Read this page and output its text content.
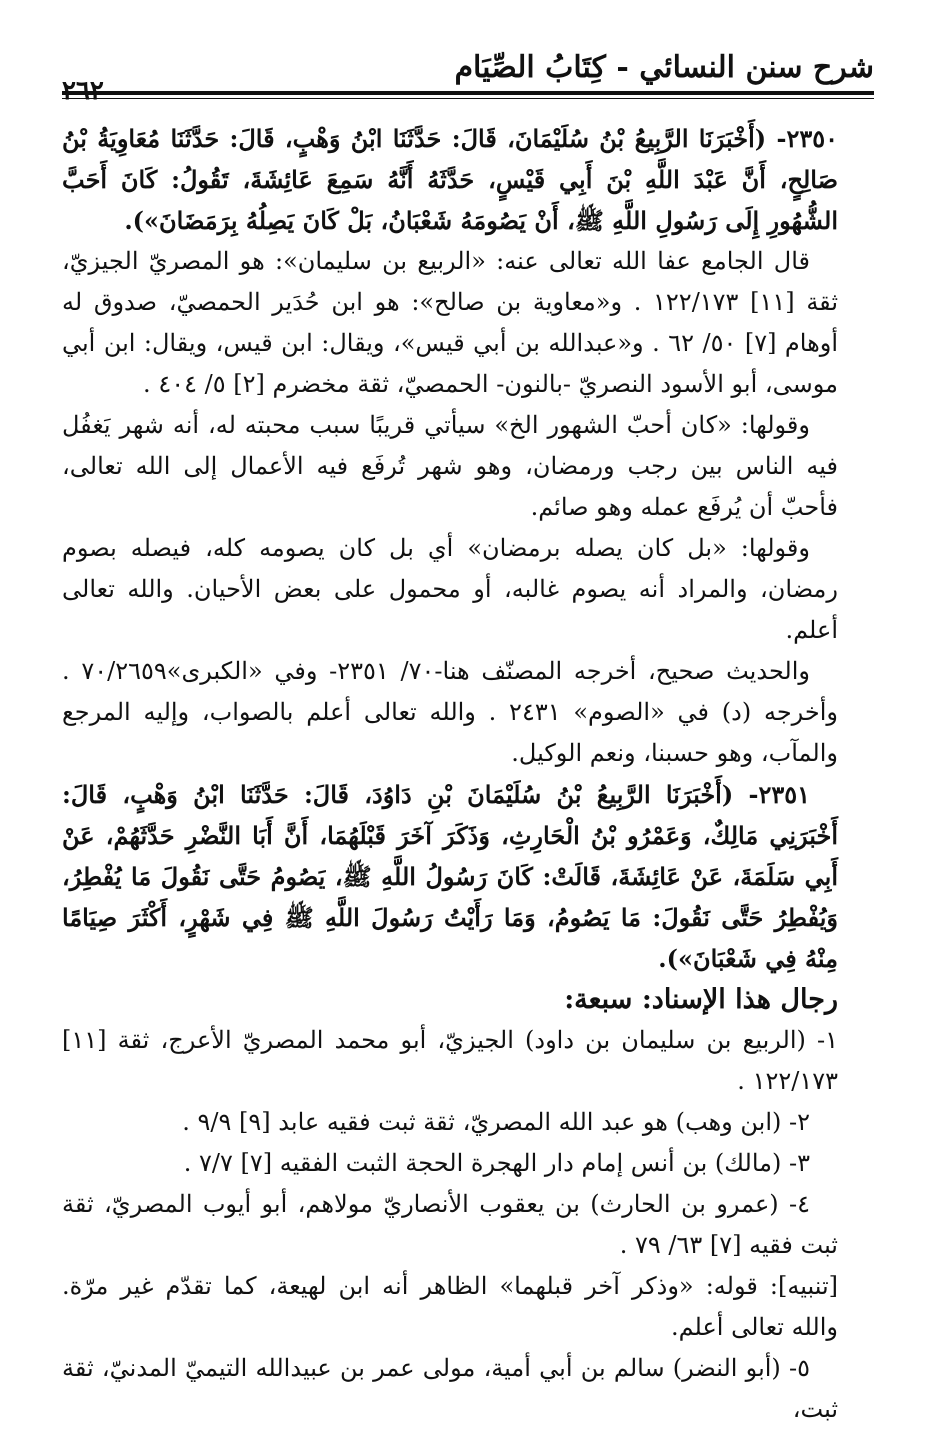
شرح سنن النسائي - كِتَابُ الصِّيَام
٢٦٢

٢٣٥٠- (أَخْبَرَنَا الرَّبِيعُ بْنُ سُلَيْمَانَ، قَالَ: حَدَّثَنَا ابْنُ وَهْبٍ، قَالَ: حَدَّثَنَا مُعَاوِيَةُ بْنُ صَالِحٍ، أَنَّ عَبْدَ اللَّهِ بْنَ أَبِي قَيْسٍ، حَدَّثَهُ أَنَّهُ سَمِعَ عَائِشَةَ، تَقُولُ: كَانَ أَحَبَّ الشُّهُورِ إِلَى رَسُولِ اللَّهِ ﷺ، أَنْ يَصُومَهُ شَعْبَانُ، بَلْ كَانَ يَصِلُهُ بِرَمَضَانَ»).

قال الجامع عفا الله تعالى عنه: «الربيع بن سليمان»: هو المصريّ الجيزيّ، ثقة [١١] ١٢٢/١٧٣ . و«معاوية بن صالح»: هو ابن حُدَير الحمصيّ، صدوق له أوهام [٧] ٥٠/ ٦٢ . و«عبدالله بن أبي قيس»، ويقال: ابن قيس، ويقال: ابن أبي موسى، أبو الأسود النصريّ -بالنون- الحمصيّ، ثقة مخضرم [٢] ٥/ ٤٠٤ .

وقولها: «كان أحبّ الشهور الخ» سيأتي قريبًا سبب محبته له، أنه شهر يَغفُل فيه الناس بين رجب ورمضان، وهو شهر تُرفَع فيه الأعمال إلى الله تعالى، فأحبّ أن يُرفَع عمله وهو صائم.

وقولها: «بل كان يصله برمضان» أي بل كان يصومه كله، فيصله بصوم رمضان، والمراد أنه يصوم غالبه، أو محمول على بعض الأحيان. والله تعالى أعلم.

والحديث صحيح، أخرجه المصنّف هنا-٧٠/ ٢٣٥١- وفي «الكبرى»٧٠/٢٦٥٩ . وأخرجه (د) في «الصوم» ٢٤٣١ . والله تعالى أعلم بالصواب، وإليه المرجع والمآب، وهو حسبنا، ونعم الوكيل.

٢٣٥١- (أَخْبَرَنَا الرَّبِيعُ بْنُ سُلَيْمَانَ بْنِ دَاوُدَ، قَالَ: حَدَّثَنَا ابْنُ وَهْبٍ، قَالَ: أَخْبَرَنِي مَالِكٌ، وَعَمْرُو بْنُ الْحَارِثِ، وَذَكَرَ آخَرَ قَبْلَهُمَا، أَنَّ أَبَا النَّضْرِ حَدَّثَهُمْ، عَنْ أَبِي سَلَمَةَ، عَنْ عَائِشَةَ، قَالَتْ: كَانَ رَسُولُ اللَّهِ ﷺ، يَصُومُ حَتَّى نَقُولَ مَا يُفْطِرُ، وَيُفْطِرُ حَتَّى نَقُولَ: مَا يَصُومُ، وَمَا رَأَيْتُ رَسُولَ اللَّهِ ﷺ فِي شَهْرٍ، أَكْثَرَ صِيَامًا مِنْهُ فِي شَعْبَانَ»).

رجال هذا الإسناد: سبعة:

١- (الربيع بن سليمان بن داود) الجيزيّ، أبو محمد المصريّ الأعرج، ثقة [١١] ١٢٢/١٧٣ .

٢- (ابن وهب) هو عبد الله المصريّ، ثقة ثبت فقيه عابد [٩] ٩/٩ .

٣- (مالك) بن أنس إمام دار الهجرة الحجة الثبت الفقيه [٧] ٧/٧ .

٤- (عمرو بن الحارث) بن يعقوب الأنصاريّ مولاهم، أبو أيوب المصريّ، ثقة ثبت فقيه [٧] ٦٣/ ٧٩ .

[تنبيه]: قوله: «وذكر آخر قبلهما» الظاهر أنه ابن لهيعة، كما تقدّم غير مرّة. والله تعالى أعلم.

٥- (أبو النضر) سالم بن أبي أمية، مولى عمر بن عبيدالله التيميّ المدنيّ، ثقة ثبت،
